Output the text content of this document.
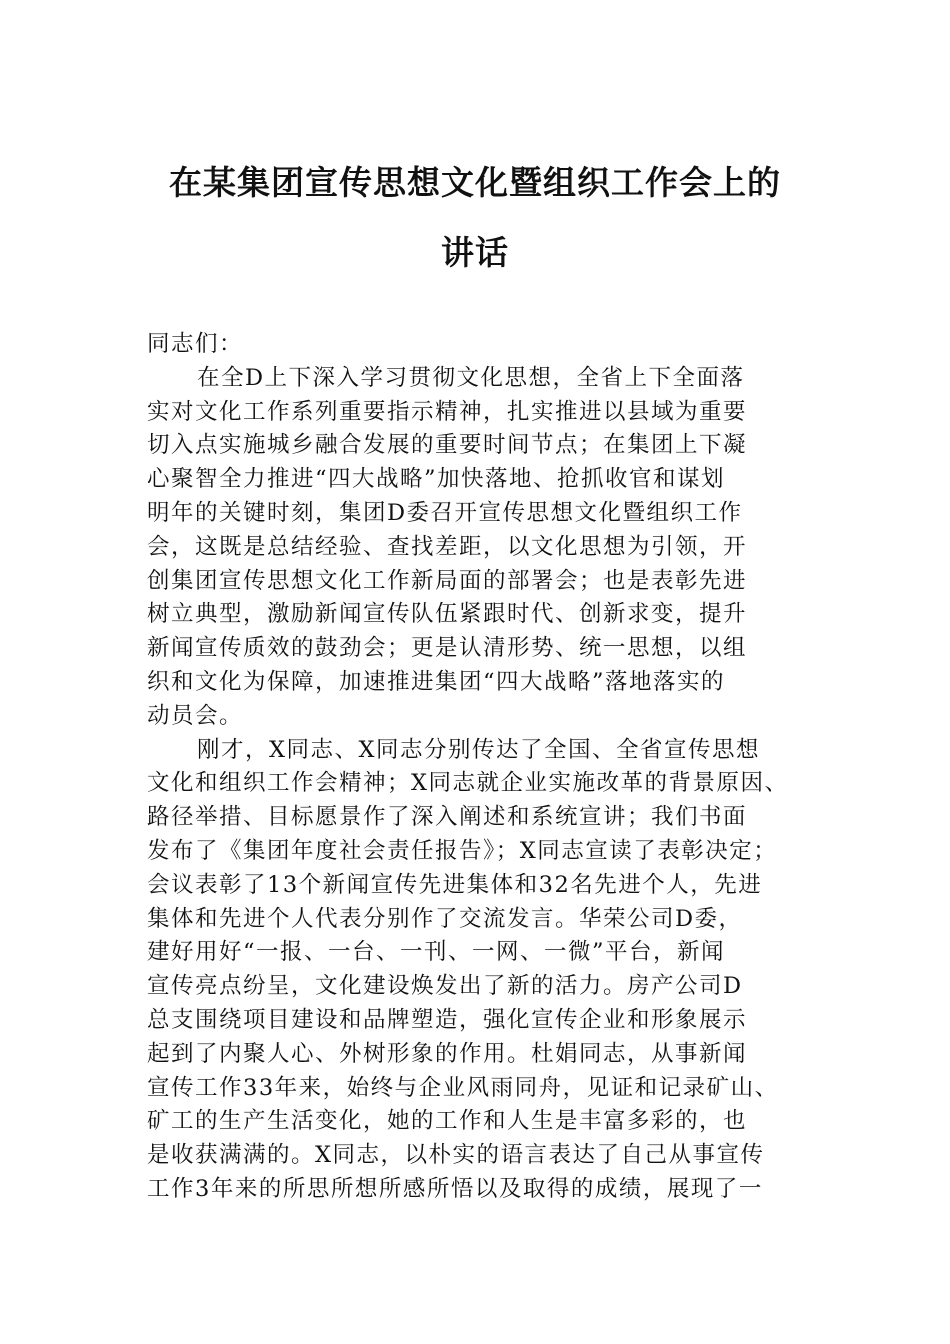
在某集团宣传思想文化暨组织工作会上的
讲话

同志们：

在全D上下深入学习贯彻文化思想，全省上下全面落
实对文化工作系列重要指示精神，扎实推进以县域为重要
切入点实施城乡融合发展的重要时间节点；在集团上下凝
心聚智全力推进“四大战略”加快落地、抢抓收官和谋划
明年的关键时刻，集团D委召开宣传思想文化暨组织工作
会，这既是总结经验、查找差距，以文化思想为引领，开
创集团宣传思想文化工作新局面的部署会；也是表彰先进
树立典型，激励新闻宣传队伍紧跟时代、创新求变，提升
新闻宣传质效的鼓劲会；更是认清形势、统一思想，以组
织和文化为保障，加速推进集团“四大战略”落地落实的
动员会。

刚才，X同志、X同志分别传达了全国、全省宣传思想
文化和组织工作会精神；X同志就企业实施改革的背景原因、
路径举措、目标愿景作了深入阐述和系统宣讲；我们书面
发布了《集团年度社会责任报告》；X同志宣读了表彰决定；
会议表彰了13个新闻宣传先进集体和32名先进个人，先进
集体和先进个人代表分别作了交流发言。华荣公司D委，
建好用好“一报、一台、一刊、一网、一微”平台，新闻
宣传亮点纷呈，文化建设焕发出了新的活力。房产公司D
总支围绕项目建设和品牌塑造，强化宣传企业和形象展示
起到了内聚人心、外树形象的作用。杜娟同志，从事新闻
宣传工作33年来，始终与企业风雨同舟，见证和记录矿山、
矿工的生产生活变化，她的工作和人生是丰富多彩的，也
是收获满满的。X同志，以朴实的语言表达了自己从事宣传
工作3年来的所思所想所感所悟以及取得的成绩，展现了一
